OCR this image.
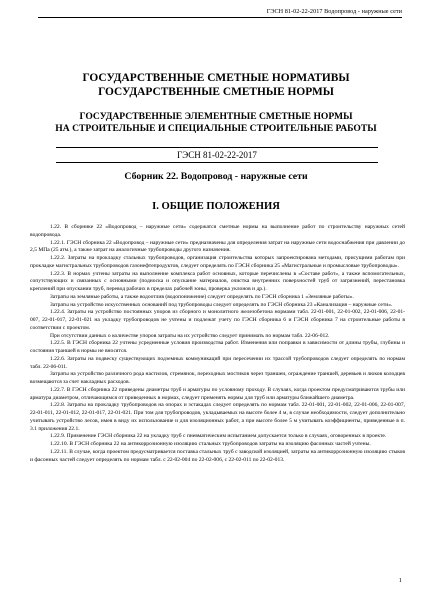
ГЭСН 81-02-22-2017 Водопровод - наружные сети

ГОСУДАРСТВЕННЫЕ СМЕТНЫЕ НОРМАТИВЫ

ГОСУДАРСТВЕННЫЕ СМЕТНЫЕ НОРМЫ

ГОСУДАРСТВЕННЫЕ ЭЛЕМЕНТНЫЕ СМЕТНЫЕ НОРМЫ

НА СТРОИТЕЛЬНЫЕ И СПЕЦИАЛЬНЫЕ СТРОИТЕЛЬНЫЕ РАБОТЫ

ГЭСН 81-02-22-2017
Сборник 22. Водопровод - наружные сети
I. ОБЩИЕ ПОЛОЖЕНИЯ

1.22. В сборнике 22 «Водопровод – наружные сети» содержатся сметные нормы на выполнение работ по строительству наружных сетей водопровода.

1.22.1. ГЭСН сборника 22 «Водопровод – наружные сети» предназначены для определения затрат на наружные сети водоснабжения при давлении до 2,5 МПа (25 атм.), а также затрат на аналогичные трубопроводы другого назначения.

1.22.2. Затраты на прокладку стальных трубопроводов, организация строительства которых запроектирована методами, присущими работам при прокладке магистральных трубопроводов газонефтепродуктов, следует определять по ГЭСН сборника 25 «Магистральные и промысловые трубопроводы».

1.22.3. В нормах учтены затраты на выполнение комплекса работ основных, которые перечислены в «Составе работ», а также вспомогательных, сопутствующих и связанных с основными (подноска и опускание материалов, очистка внутренних поверхностей труб от загрязнений, перестановка креплений при опускании труб, перевод рабочих в пределах рабочей зоны, проверка уклонов и др.).

Затраты на земляные работы, а также водоотлив (водопонижение) следует определять по ГЭСН сборника 1 «Земляные работы».

Затраты на устройство искусственных оснований под трубопроводы следует определять по ГЭСН сборника 23 «Канализация – наружные сети».

1.22.4. Затраты на устройство постоянных упоров из сборного и монолитного железобетона нормами табл. 22-01-001, 22-01-002, 22-01-006, 22-01-007, 22-01-017, 22-01-021 на укладку трубопроводов не учтены и подлежат учету по ГЭСН сборника 6 и ГЭСН сборника 7 на строительные работы в соответствии с проектом.

При отсутствии данных о количестве упоров затраты на их устройство следует принимать по нормам табл. 22-06-012.

1.22.5. В ГЭСН сборника 22 учтены усредненные условия производства работ. Изменения или поправки в зависимости от длины трубы, глубины и состояния траншей в нормы не вносятся.

1.22.6. Затраты на подвеску существующих подземных коммуникаций при пересечении их трассой трубопроводов следует определять по нормам табл. 22-06-011.

Затраты на устройство различного рода настилов, стремянок, переходных мостиков через траншеи, ограждение траншей, деревьев и люков колодцев возмещаются за счет накладных расходов.

1.22.7. В ГЭСН сборника 22 приведены диаметры труб и арматуры по условному проходу. В случаях, когда проектом предусматриваются трубы или арматура диаметром, отличающимся от приведенных в нормах, следует применять нормы для труб или арматуры ближайшего диаметра.

1.22.8. Затраты на прокладку трубопроводов на опорах и эстакадах следует определять по нормам табл. 22-01-001, 22-01-002, 22-01-006, 22-01-007, 22-01-011, 22-01-012, 22-01-017, 22-01-021. При том для трубопроводов, укладываемых на высоте более 4 м, в случае необходимости, следует дополнительно учитывать устройство лесов, имея в виду их использование и для изоляционных работ, а при высоте более 5 м учитывать коэффициенты, приведенные в п. 3.1 приложения 22.1.

1.22.9. Применение ГЭСН сборника 22 на укладку труб с пневматическим испытанием допускается только в случаях, оговоренных в проекте.

1.22.10. В ГЭСН сборника 22 на антикоррозионную изоляцию стальных трубопроводов затраты на изоляцию фасонных частей учтены.

1.22.11. В случае, когда проектом предусматривается поставка стальных труб с заводской изоляцией, затраты на антикоррозионную изоляцию стыков и фасонных частей следует определять по нормам табл. с 22-02-004 по 22-02-006, с 22-02-011 по 22-02-013.

1
